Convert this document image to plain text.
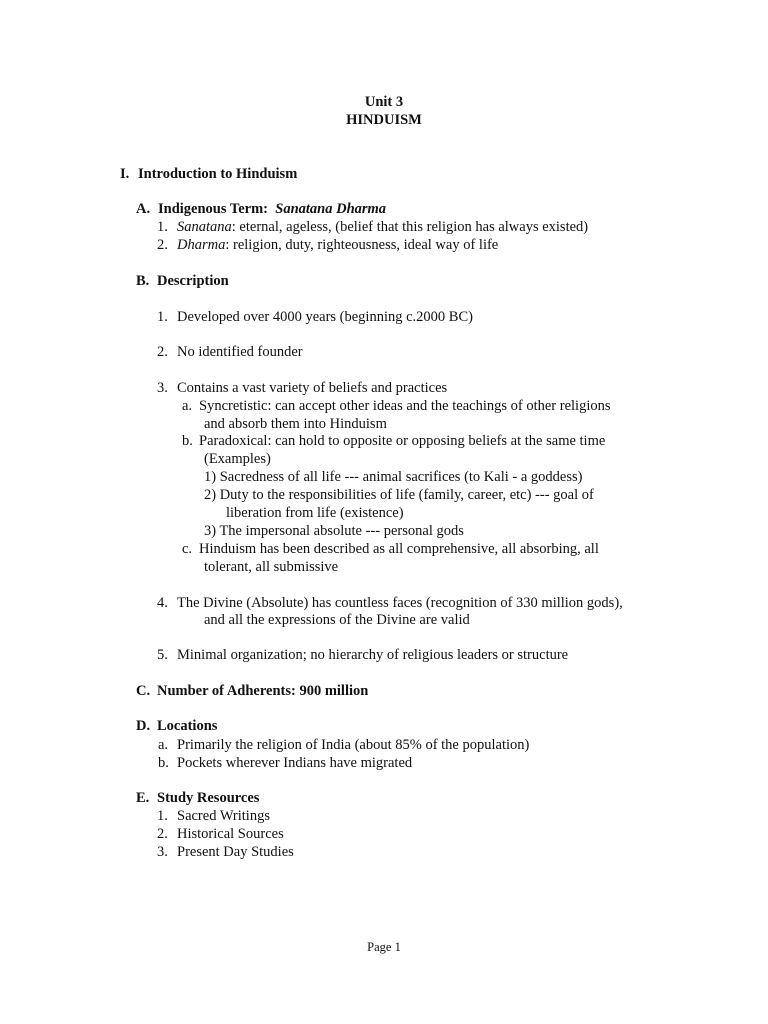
Unit 3
HINDUISM
I. Introduction to Hinduism
A. Indigenous Term: Sanatana Dharma
1. Sanatana: eternal, ageless, (belief that this religion has always existed)
2. Dharma: religion, duty, righteousness, ideal way of life
B. Description
1. Developed over 4000 years (beginning c.2000 BC)
2. No identified founder
3. Contains a vast variety of beliefs and practices
a. Syncretistic: can accept other ideas and the teachings of other religions
and absorb them into Hinduism
b. Paradoxical: can hold to opposite or opposing beliefs at the same time
(Examples)
1) Sacredness of all life --- animal sacrifices (to Kali - a goddess)
2) Duty to the responsibilities of life (family, career, etc) --- goal of
liberation from life (existence)
3) The impersonal absolute --- personal gods
c. Hinduism has been described as all comprehensive, all absorbing, all
tolerant, all submissive
4. The Divine (Absolute) has countless faces (recognition of 330 million gods),
and all the expressions of the Divine are valid
5. Minimal organization; no hierarchy of religious leaders or structure
C. Number of Adherents: 900 million
D. Locations
a. Primarily the religion of India (about 85% of the population)
b. Pockets wherever Indians have migrated
E. Study Resources
1. Sacred Writings
2. Historical Sources
3. Present Day Studies
Page 1
